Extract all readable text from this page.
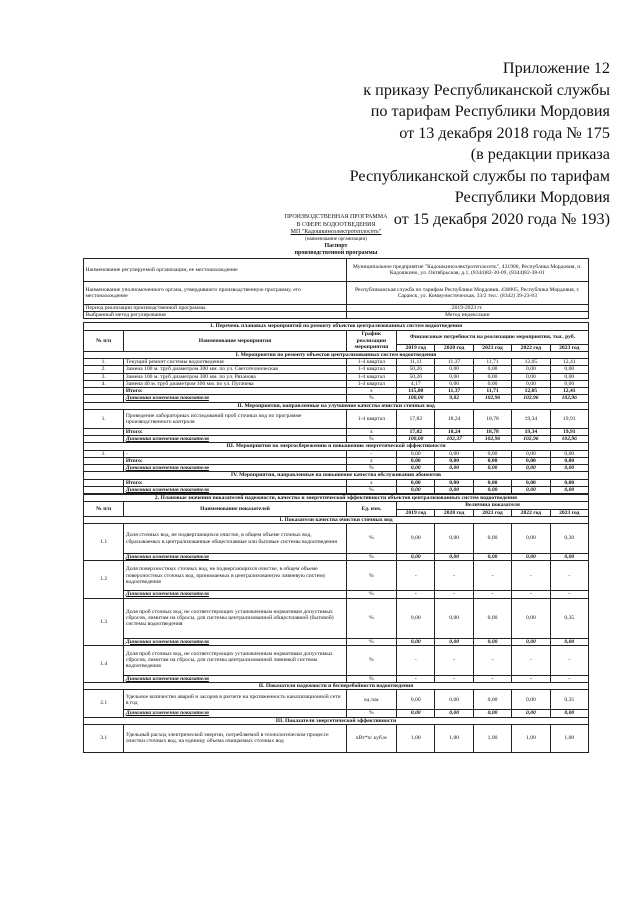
Приложение 12
к приказу Республиканской службы
по тарифам Республики Мордовия
от 13 декабря 2018 года № 175
(в редакции приказа
Республиканской службы по тарифам
Республики Мордовия
от 15 декабря 2020 года № 193)
ПРОИЗВОДСТВЕННАЯ ПРОГРАММА
В СФЕРЕ ВОДООТВЕДЕНИЯ
МП "Кадошкиноэлектротеплосеть"
(наименование организации)
Паспорт
производственной программы
Наименование регулируемой организации, ее местонахождение	Муниципальное предприятие "Кадошкиноэлектротеплосеть", 431900, Республика Мордовия, п. Кадошкино, ул. Октябрьская, д.1, (8344)82-30-09, (8344)82-38-01
Наименование уполномоченного органа, утвердившего производственную программу, его местонахождение	Республиканская служба по тарифам Республики Мордовия, 430005, Республика Мордовия, г. Саранск, ул. Коммунистическая, 33/2 тел.: (8342) 39-23-83
Период реализации производственной программы	2019-2023 гг.
Выбранный метод регулирования	Метод индексации
1. Перечень плановых мероприятий по ремонту объектов централизованных систем водоотведения							
№ п/п	Наименование мероприятия	График реализации мероприятия	Финансовые потребности на реализацию мероприятия, тыс. руб.				
			2019 год	2020 год	2021 год	2022 год	2023 год
I. Мероприятия по ремонту объектов централизованных систем водоотведения							
1.	Текущий ремонт системы водоотведения	1-4 квартал	11,11	11,37	11,71	12,05	12,41
2.	Замена 100 м. труб диаметром 300 мм. по ул. Светотехническая	1-4 квартал	50,26	0,00	0,00	0,00	0,00
3.	Замена 100 м. труб диаметром 300 мм. по ул. Рязанова	1-4 квартал	50,26	0,00	0,00	0,00	0,00
4.	Замена 40 м. труб диаметром 100 мм. по ул. Пугачева	1-4 квартал	4,17	0,00	0,00	0,00	0,00
	Итого:	х	115,80	11,37	11,71	12,05	12,41
	Динамика изменения показателя	%	100,00	9,82	102,96	102,96	102,96
II. Мероприятия, направленные на улучшение качества очистки сточных вод							
1.	Проведение лабораторных исследований проб сточных вод по программе производственного контроля	1-4 квартал	17,82	18,24	18,78	19,34	19,91
	Итого:	х	17,82	18,24	18,78	19,34	19,91
	Динамика изменения показателя	%	100,00	102,37	102,96	102,96	102,96
III. Мероприятия по энергосбережению и повышению энергетической эффективности							
1.	-	-	0,00	0,00	0,00	0,00	0,00
	Итого:	х	0,00	0,00	0,00	0,00	0,00
	Динамика изменения показателя	%	0,00	0,00	0,00	0,00	0,00
IV. Мероприятия, направленные на повышение качества обслуживания абонентов							
	Итого:	х	0,00	0,00	0,00	0,00	0,00
	Динамика изменения показателя	%	0,00	0,00	0,00	0,00	0,00
2. Плановые значения показателей надежности, качества и энергетической эффективности объектов централизованных систем водоотведения							
№ п/п	Наименование показателей	Ед. изм.	Величина показателя				
			2019 год	2020 год	2021 год	2022 год	2023 год
I. Показатели качества очистки сточных вод							
1.1	Доля сточных вод, не подвергающихся очистке, в общем объеме сточных вод, сбрасываемых в централизованные общесплавные или бытовые системы водоотведения	%	0,00	0,00	0,00	0,00	0,30
	Динамика изменения показателя	%	0,00	0,00	0,00	0,00	0,00
1.2	Доля поверхностных сточных вод, не подвергающихся очистке, в общем объеме поверхностных сточных вод, принимаемых в централизованную ливневую систему водоотведения	%	-	-	-	-	-
	Динамика изменения показателя	%	-	-	-	-	-
1.3	Доля проб сточных вод, не соответствующих установленным нормативам допустимых сбросов, лимитам на сбросы, для системы централизованной общесплавной (бытовой) системы водоотведения	%	0,00	0,00	0,00	0,00	0,35
	Динамика изменения показателя	%	0,00	0,00	0,00	0,00	0,00
1.4	Доля проб сточных вод, не соответствующих установленным нормативам допустимых сбросов, лимитам на сбросы, для системы централизованной ливневой системы водоотведения	%	-	-	-	-	-
	Динамика изменения показателя	%	-	-	-	-	-
II. Показатели надежности и бесперебойности водоотведения							
2.1	Удельное количество аварий и засоров в расчете на протяженность канализационной сети в год	ед./км	0,00	0,00	0,00	0,00	0,35
	Динамика изменения показателя	%	0,00	0,00	0,00	0,00	0,00
III. Показатели энергетической эффективности							
3.1	Удельный расход электрической энергии, потребляемой в технологическом процессе очистки сточных вод, на единицу объема очищаемых сточных вод	кВт*ч/ куб.м	1,00	1,00	1,00	1,00	1,00
